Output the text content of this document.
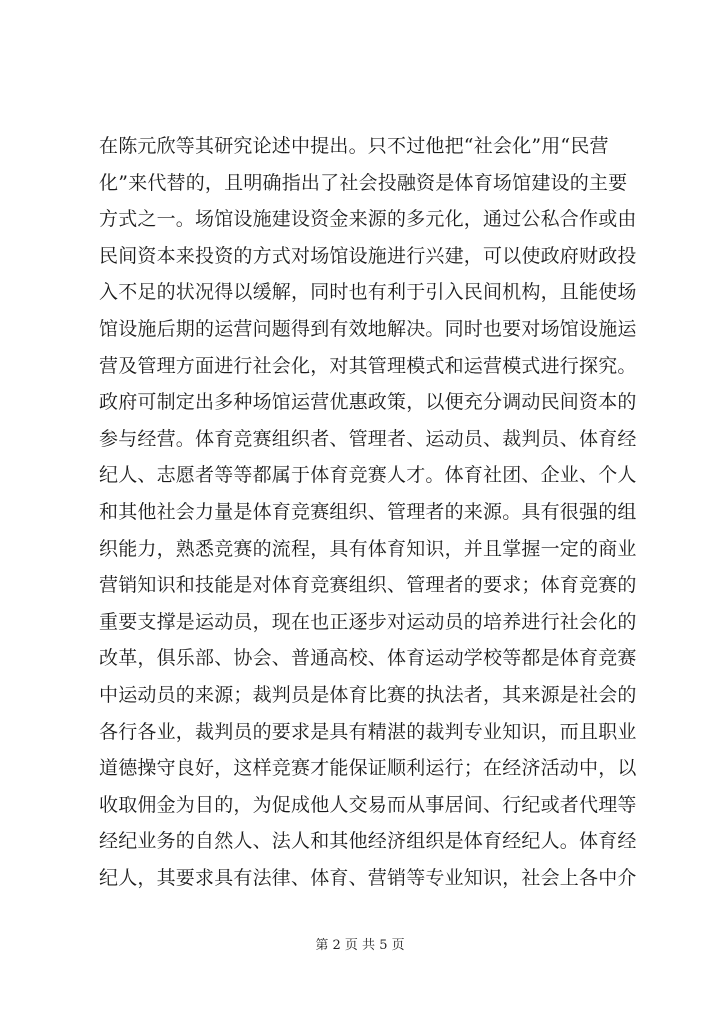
在陈元欣等其研究论述中提出。只不过他把“社会化”用“民营
化”来代替的，且明确指出了社会投融资是体育场馆建设的主要
方式之一。场馆设施建设资金来源的多元化，通过公私合作或由
民间资本来投资的方式对场馆设施进行兴建，可以使政府财政投
入不足的状况得以缓解，同时也有利于引入民间机构，且能使场
馆设施后期的运营问题得到有效地解决。同时也要对场馆设施运
营及管理方面进行社会化，对其管理模式和运营模式进行探究。
政府可制定出多种场馆运营优惠政策，以便充分调动民间资本的
参与经营。体育竞赛组织者、管理者、运动员、裁判员、体育经
纪人、志愿者等等都属于体育竞赛人才。体育社团、企业、个人
和其他社会力量是体育竞赛组织、管理者的来源。具有很强的组
织能力，熟悉竞赛的流程，具有体育知识，并且掌握一定的商业
营销知识和技能是对体育竞赛组织、管理者的要求；体育竞赛的
重要支撑是运动员，现在也正逐步对运动员的培养进行社会化的
改革，俱乐部、协会、普通高校、体育运动学校等都是体育竞赛
中运动员的来源；裁判员是体育比赛的执法者，其来源是社会的
各行各业，裁判员的要求是具有精湛的裁判专业知识，而且职业
道德操守良好，这样竞赛才能保证顺利运行；在经济活动中，以
收取佣金为目的，为促成他人交易而从事居间、行纪或者代理等
经纪业务的自然人、法人和其他经济组织是体育经纪人。体育经
纪人，其要求具有法律、体育、营销等专业知识，社会上各中介
第 2 页 共 5 页
